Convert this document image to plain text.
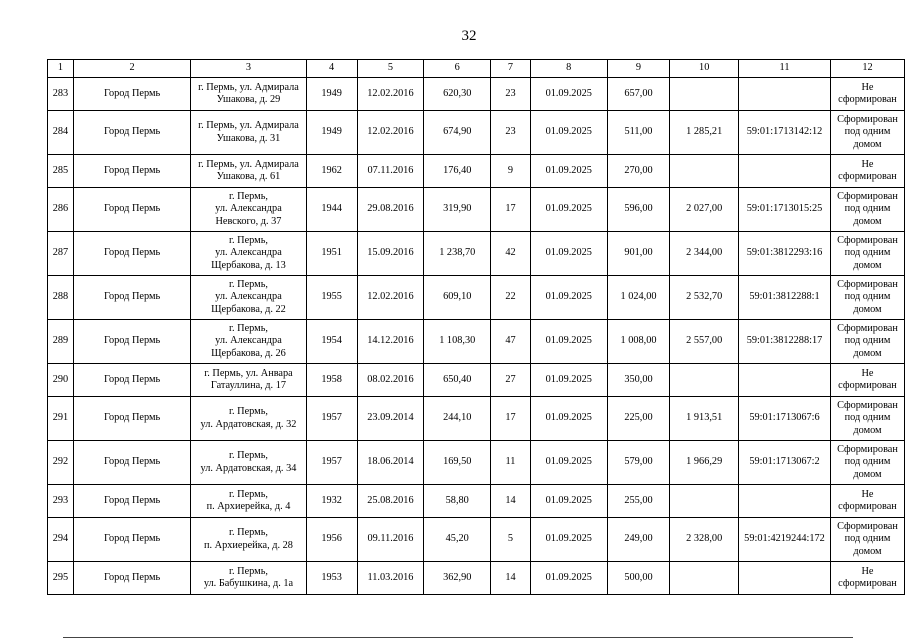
32
1	2	3	4	5	6	7	8	9	10	11	12
283	Город Пермь	г. Пермь, ул. Адмирала
Ушакова, д. 29	1949	12.02.2016	620,30	23	01.09.2025	657,00			Не
сформирован
284	Город Пермь	г. Пермь, ул. Адмирала
Ушакова, д. 31	1949	12.02.2016	674,90	23	01.09.2025	511,00	1 285,21	59:01:1713142:12	Сформирован
под одним
домом
285	Город Пермь	г. Пермь, ул. Адмирала
Ушакова, д. 61	1962	07.11.2016	176,40	9	01.09.2025	270,00			Не
сформирован
286	Город Пермь	г. Пермь,
ул. Александра
Невского, д. 37	1944	29.08.2016	319,90	17	01.09.2025	596,00	2 027,00	59:01:1713015:25	Сформирован
под одним
домом
287	Город Пермь	г. Пермь,
ул. Александра
Щербакова, д. 13	1951	15.09.2016	1 238,70	42	01.09.2025	901,00	2 344,00	59:01:3812293:16	Сформирован
под одним
домом
288	Город Пермь	г. Пермь,
ул. Александра
Щербакова, д. 22	1955	12.02.2016	609,10	22	01.09.2025	1 024,00	2 532,70	59:01:3812288:1	Сформирован
под одним
домом
289	Город Пермь	г. Пермь,
ул. Александра
Щербакова, д. 26	1954	14.12.2016	1 108,30	47	01.09.2025	1 008,00	2 557,00	59:01:3812288:17	Сформирован
под одним
домом
290	Город Пермь	г. Пермь, ул. Анвара
Гатауллина, д. 17	1958	08.02.2016	650,40	27	01.09.2025	350,00			Не
сформирован
291	Город Пермь	г. Пермь,
ул. Ардатовская, д. 32	1957	23.09.2014	244,10	17	01.09.2025	225,00	1 913,51	59:01:1713067:6	Сформирован
под одним
домом
292	Город Пермь	г. Пермь,
ул. Ардатовская, д. 34	1957	18.06.2014	169,50	11	01.09.2025	579,00	1 966,29	59:01:1713067:2	Сформирован
под одним
домом
293	Город Пермь	г. Пермь,
п. Архиерейка, д. 4	1932	25.08.2016	58,80	14	01.09.2025	255,00			Не
сформирован
294	Город Пермь	г. Пермь,
п. Архиерейка, д. 28	1956	09.11.2016	45,20	5	01.09.2025	249,00	2 328,00	59:01:4219244:172	Сформирован
под одним
домом
295	Город Пермь	г. Пермь,
ул. Бабушкина, д. 1а	1953	11.03.2016	362,90	14	01.09.2025	500,00			Не
сформирован
